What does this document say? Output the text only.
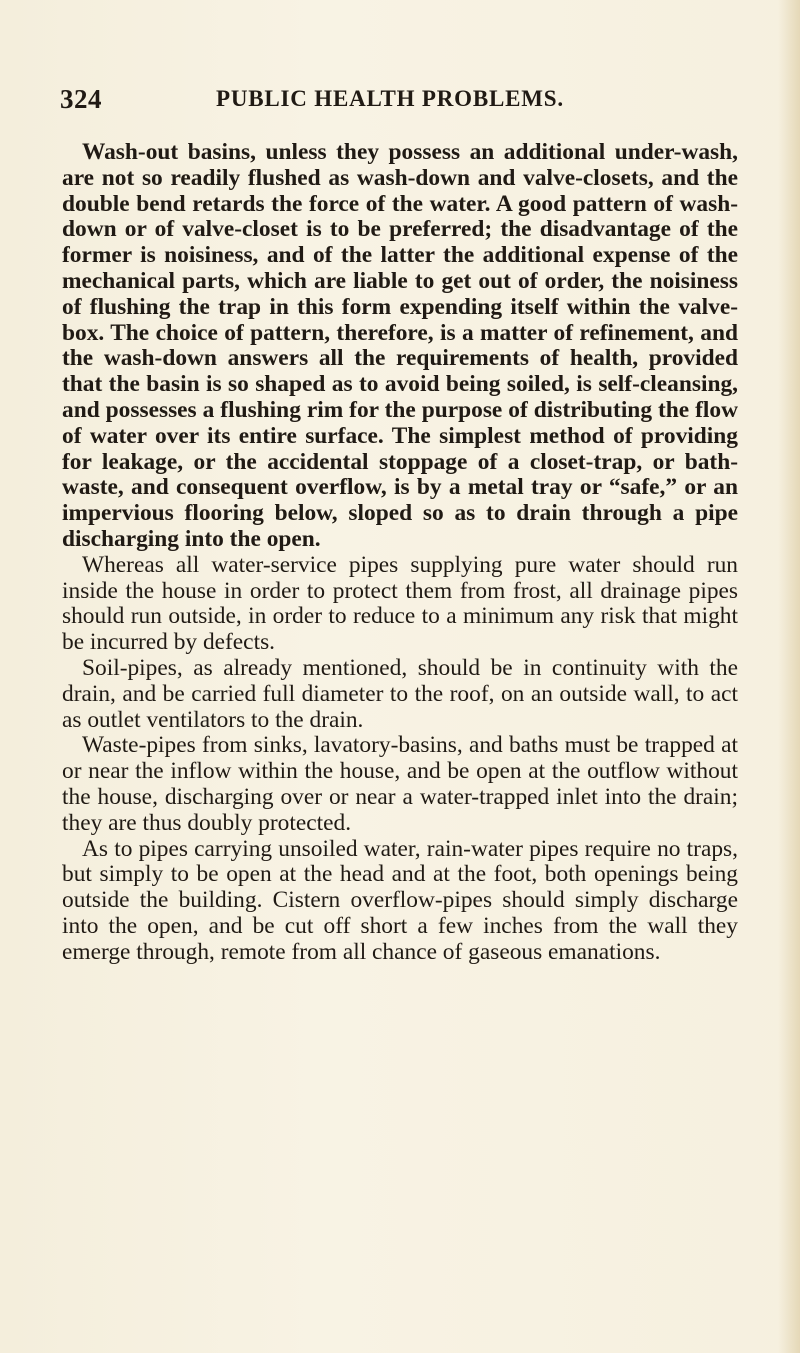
324	PUBLIC HEALTH PROBLEMS.

Wash-out basins, unless they possess an additional under-wash, are not so readily flushed as wash-down and valve-closets, and the double bend retards the force of the water. A good pattern of wash-down or of valve-closet is to be preferred; the disadvantage of the former is noisiness, and of the latter the additional expense of the mechanical parts, which are liable to get out of order, the noisiness of flushing the trap in this form expending itself within the valve-box. The choice of pattern, therefore, is a matter of refinement, and the wash-down answers all the requirements of health, provided that the basin is so shaped as to avoid being soiled, is self-cleansing, and possesses a flushing rim for the purpose of distributing the flow of water over its entire surface. The simplest method of providing for leakage, or the accidental stoppage of a closet-trap, or bath-waste, and consequent overflow, is by a metal tray or “safe,” or an impervious flooring below, sloped so as to drain through a pipe discharging into the open.

Whereas all water-service pipes supplying pure water should run inside the house in order to protect them from frost, all drainage pipes should run outside, in order to reduce to a minimum any risk that might be incurred by defects.

Soil-pipes, as already mentioned, should be in continuity with the drain, and be carried full diameter to the roof, on an outside wall, to act as outlet ventilators to the drain.

Waste-pipes from sinks, lavatory-basins, and baths must be trapped at or near the inflow within the house, and be open at the outflow without the house, discharging over or near a water-trapped inlet into the drain; they are thus doubly protected.

As to pipes carrying unsoiled water, rain-water pipes require no traps, but simply to be open at the head and at the foot, both openings being outside the building. Cistern overflow-pipes should simply discharge into the open, and be cut off short a few inches from the wall they emerge through, remote from all chance of gaseous emanations.
